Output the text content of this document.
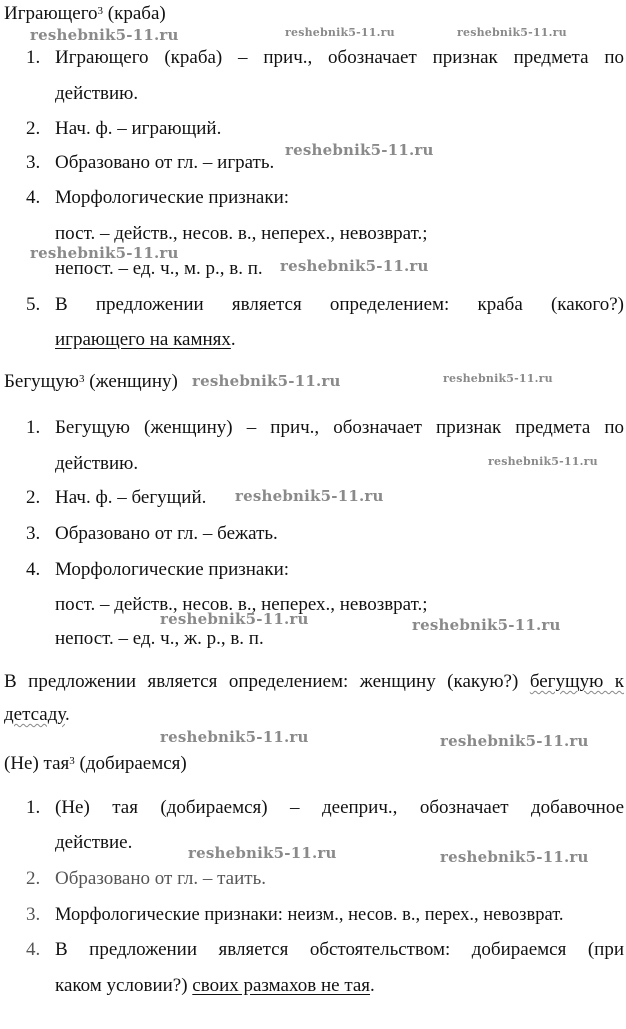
Играющего$^3$ (краба)
1. Играющего (краба) – прич., обозначает признак предмета по
действию.
2. Нач. ф. – играющий.
3. Образовано от гл. – играть.
4. Морфологические признаки:
пост. – действ., несов. в., неперех., невозврат.;
непост. – ед. ч., м. р., в. п.
5. В предложении является определением: краба (какого?)
играющего на камнях.
Бегущую$^3$ (женщину)
1. Бегущую (женщину) – прич., обозначает признак предмета по
действию.
2. Нач. ф. – бегущий.
3. Образовано от гл. – бежать.
4. Морфологические признаки:
пост. – действ., несов. в., неперех., невозврат.;
непост. – ед. ч., ж. р., в. п.
В предложении является определением: женщину (какую?) бегущую к
детсаду.
(Не) тая$^3$ (добираемся)
1. (Не) тая (добираемся) – дееприч., обозначает добавочное
действие.
2. Образовано от гл. – таить.
3. Морфологические признаки: неизм., несов. в., перех., невозврат.
4. В предложении является обстоятельством: добираемся (при
каком условии?) своих размахов не тая.
reshebnik5-11.ru	reshebnik5-11.ru	reshebnik5-11.ru
reshebnik5-11.ru
reshebnik5-11.ru
reshebnik5-11.ru
reshebnik5-11.ru	reshebnik5-11.ru
reshebnik5-11.ru
reshebnik5-11.ru
reshebnik5-11.ru	reshebnik5-11.ru
reshebnik5-11.ru	reshebnik5-11.ru
reshebnik5-11.ru	reshebnik5-11.ru
